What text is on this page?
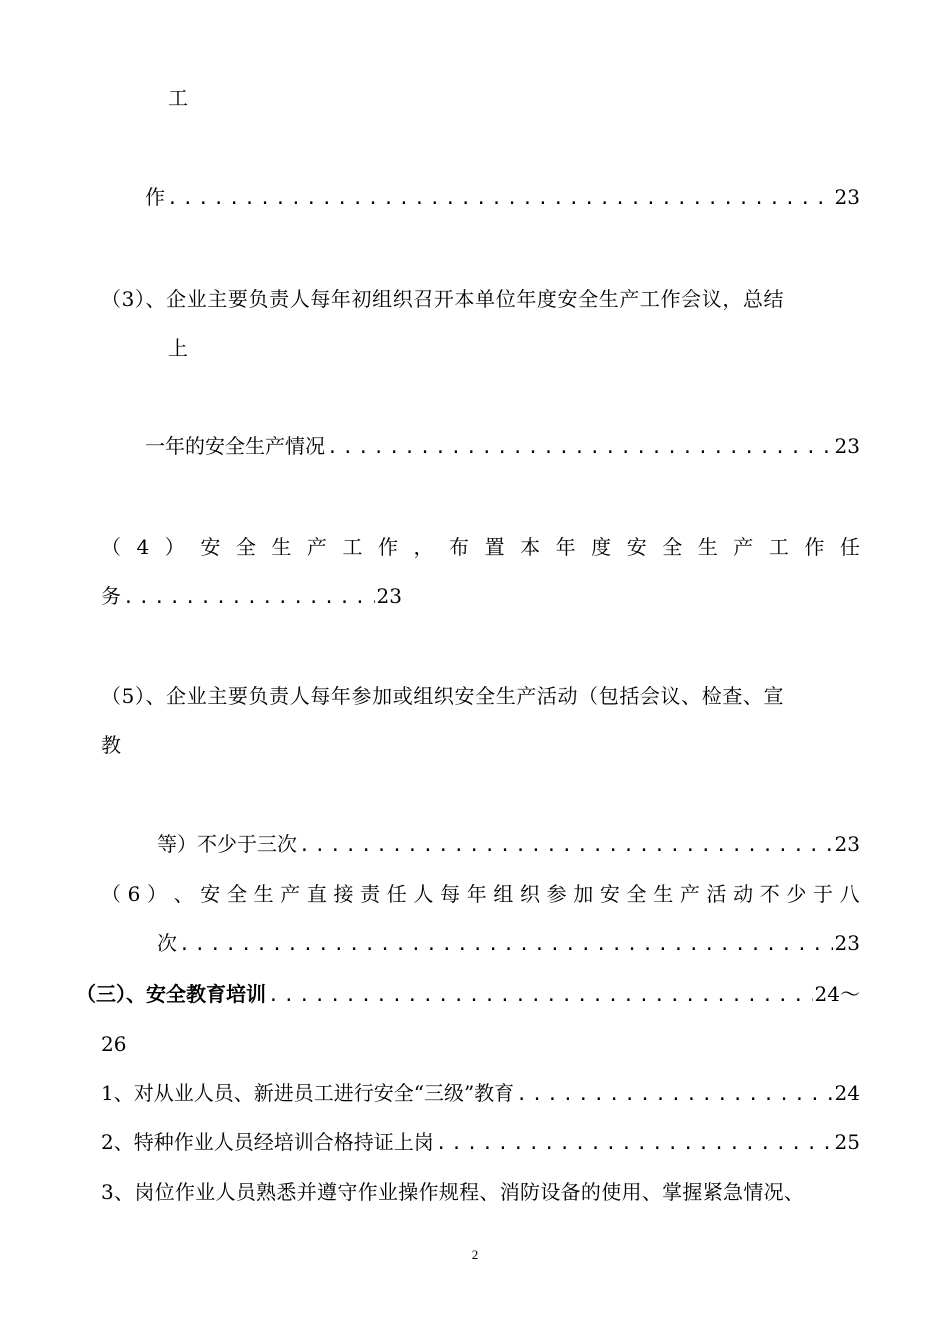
工
作 .....	23
（3）、企业主要负责人每年初组织召开本单位年度安全生产工作会议，总结
上
一年的安全生产情况 .....	23
（ 4 ） 安 全 生 产 工 作 ， 布 置 本 年 度 安 全 生 产 工 作 任
务 .....	23
（5）、企业主要负责人每年参加或组织安全生产活动（包括会议、检查、宣
教
等）不少于三次 .....	23
（ 6 ） 、 安 全 生 产 直 接 责 任 人 每 年 组 织 参 加 安 全 生 产 活 动 不 少 于 八
次 .....	23
（三）、安全教育培训 .....	24～
26
1、对从业人员、新进员工进行安全“三级”教育 .....	24
2、特种作业人员经培训合格持证上岗 .....	25
3、岗位作业人员熟悉并遵守作业操作规程、消防设备的使用、掌握紧急情况、
2
